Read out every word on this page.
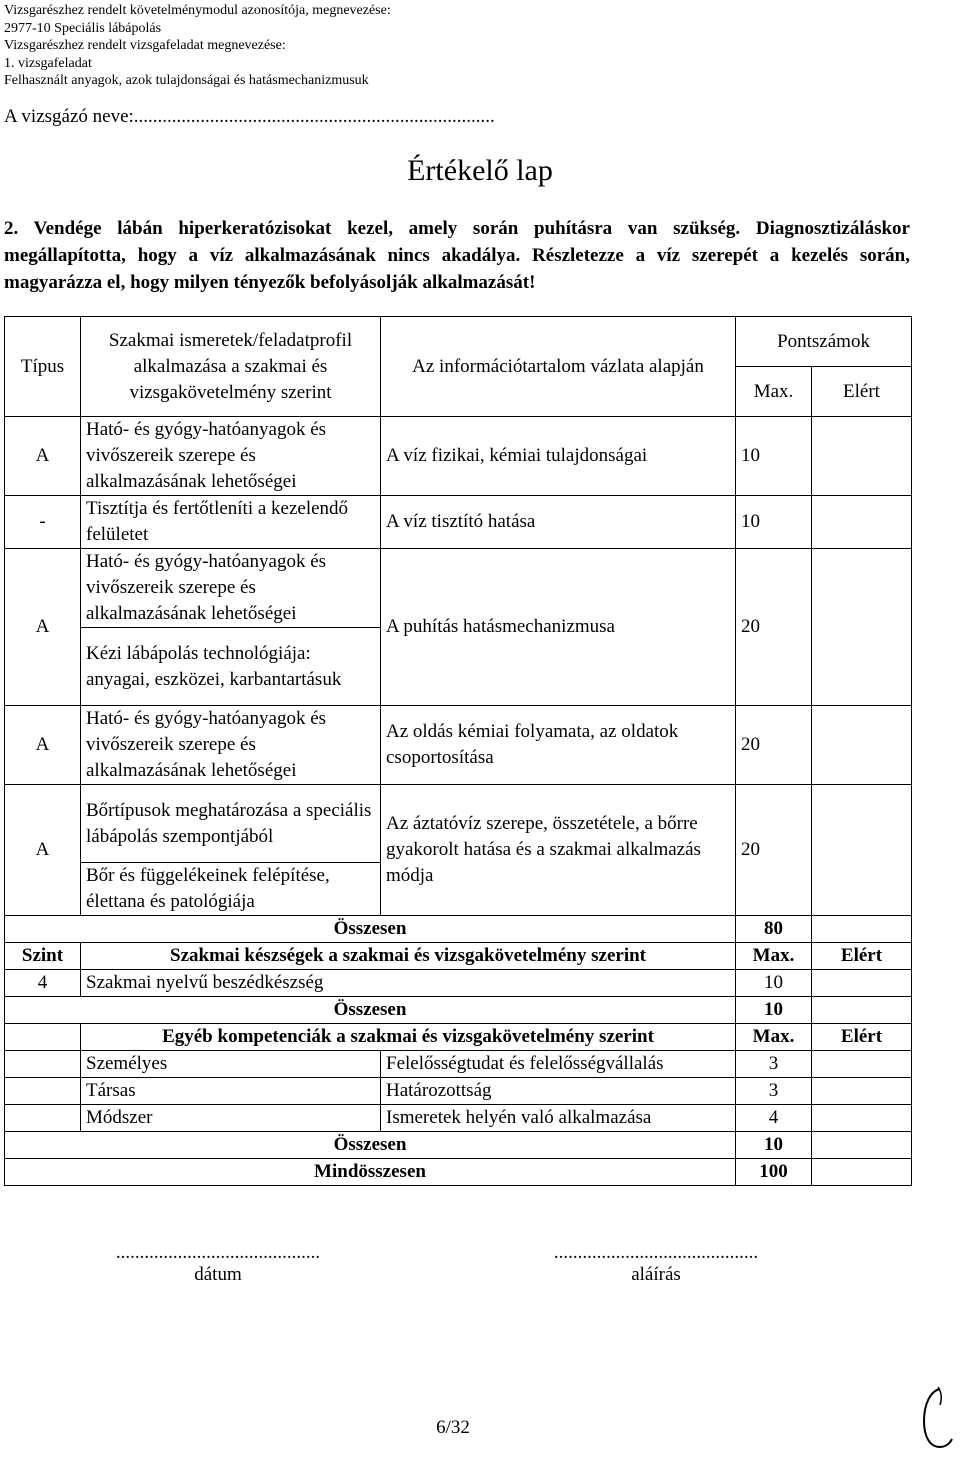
Vizsgarészhez rendelt követelménymodul azonosítója, megnevezése:
2977-10 Speciális lábápolás
Vizsgarészhez rendelt vizsgafeladat megnevezése:
1. vizsgafeladat
Felhasznált anyagok, azok tulajdonságai és hatásmechanizmusuk
A vizsgázó neve:............................................................................
Értékelő lap
2. Vendége lábán hiperkeratózisokat kezel, amely során puhításra van szükség. Diagnosztizáláskor megállapította, hogy a víz alkalmazásának nincs akadálya. Részletezze a víz szerepét a kezelés során, magyarázza el, hogy milyen tényezők befolyásolják alkalmazását!
Típus	Szakmai ismeretek/feladatprofil alkalmazása a szakmai és vizsgakövetelmény szerint	Az információtartalom vázlata alapján	Pontszámok	
			Max.	Elért
A	Ható- és gyógy-hatóanyagok és vivőszereik szerepe és alkalmazásának lehetőségei	A víz fizikai, kémiai tulajdonságai	10	
-	Tisztítja és fertőtleníti a kezelendő felületet	A víz tisztító hatása	10	
A	Ható- és gyógy-hatóanyagok és vivőszereik szerepe és alkalmazásának lehetőségei	A puhítás hatásmechanizmusa	20	
	Kézi lábápolás technológiája: anyagai, eszközei, karbantartásuk			
A	Ható- és gyógy-hatóanyagok és vivőszereik szerepe és alkalmazásának lehetőségei	Az oldás kémiai folyamata, az oldatok csoportosítása	20	
A	Bőrtípusok meghatározása a speciális lábápolás szempontjából	Az áztatóvíz szerepe, összetétele, a bőrre gyakorolt hatása és a szakmai alkalmazás módja	20	
	Bőr és függelékeinek felépítése, élettana és patológiája			
Összesen			80	
Szint	Szakmai készségek a szakmai és vizsgakövetelmény szerint		Max.	Elért
4	Szakmai nyelvű beszédkészség		10	
Összesen			10	
	Egyéb kompetenciák a szakmai és vizsgakövetelmény szerint		Max.	Elért
	Személyes	Felelősségtudat és felelősségvállalás	3	
	Társas	Határozottság	3	
	Módszer	Ismeretek helyén való alkalmazása	4	
Összesen			10	
Mindösszesen			100	
...........................................
dátum
...........................................
aláírás
6/32
